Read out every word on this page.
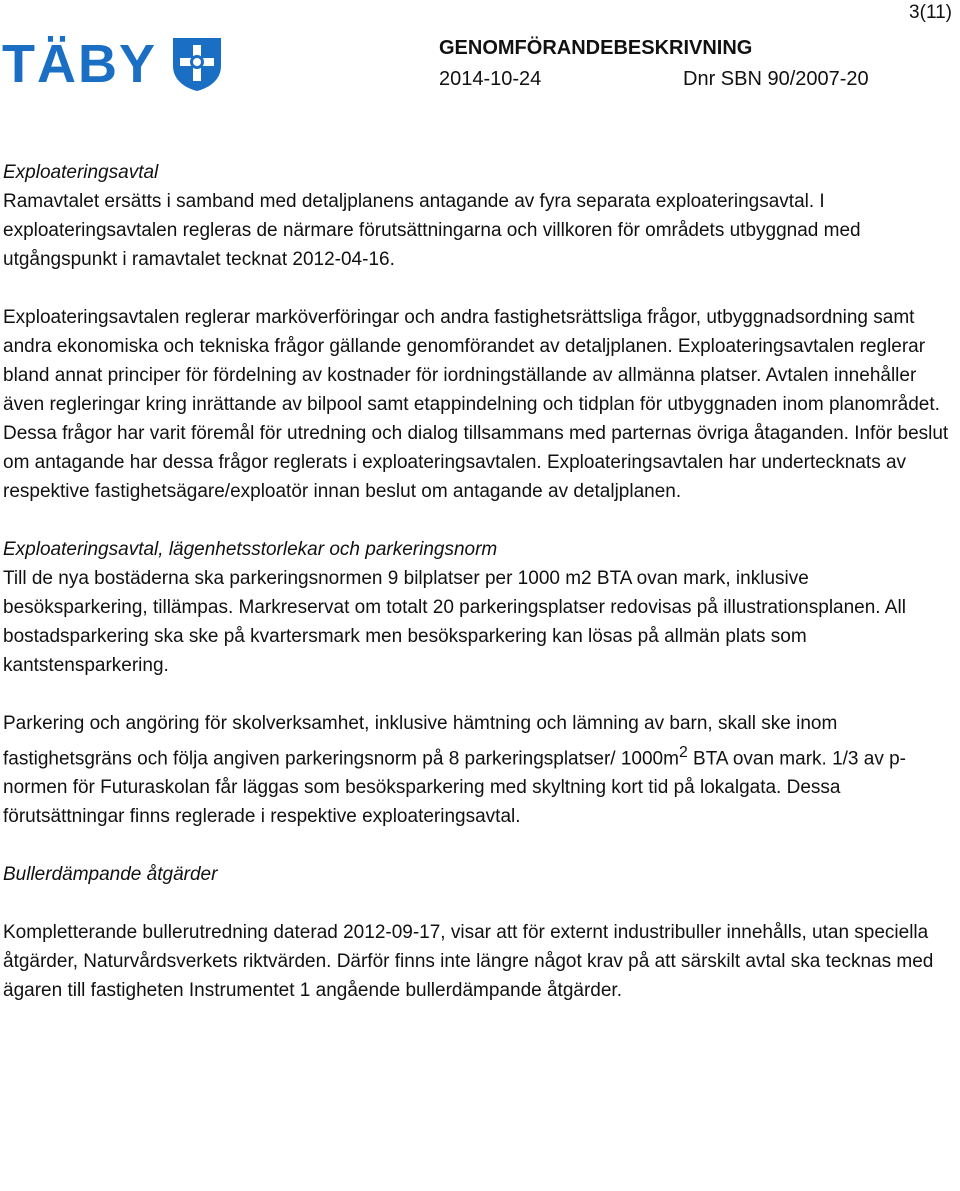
3(11)
TÄBY	GENOMFÖRANDEBESKRIVNING
2014-10-24	Dnr SBN 90/2007-20

Exploateringsavtal

Ramavtalet ersätts i samband med detaljplanens antagande av fyra separata exploateringsavtal. I exploateringsavtalen regleras de närmare förutsättningarna och villkoren för områdets utbyggnad med utgångspunkt i ramavtalet tecknat 2012-04-16.

Exploateringsavtalen reglerar marköverföringar och andra fastighetsrättsliga frågor, utbyggnadsordning samt andra ekonomiska och tekniska frågor gällande genomförandet av detaljplanen. Exploateringsavtalen reglerar bland annat principer för fördelning av kostnader för iordningställande av allmänna platser. Avtalen innehåller även regleringar kring inrättande av bilpool samt etappindelning och tidplan för utbyggnaden inom planområdet. Dessa frågor har varit föremål för utredning och dialog tillsammans med parternas övriga åtaganden. Inför beslut om antagande har dessa frågor reglerats i exploateringsavtalen. Exploateringsavtalen har undertecknats av respektive fastighetsägare/exploatör innan beslut om antagande av detaljplanen.

Exploateringsavtal, lägenhetsstorlekar och parkeringsnorm

Till de nya bostäderna ska parkeringsnormen 9 bilplatser per 1000 m2 BTA ovan mark, inklusive besöksparkering, tillämpas. Markreservat om totalt 20 parkeringsplatser redovisas på illustrationsplanen. All bostadsparkering ska ske på kvartersmark men besöksparkering kan lösas på allmän plats som kantstensparkering.

Parkering och angöring för skolverksamhet, inklusive hämtning och lämning av barn, skall ske inom fastighetsgräns och följa angiven parkeringsnorm på 8 parkeringsplatser/ $1000m^2$ BTA ovan mark. 1/3 av p-normen för Futuraskolan får läggas som besöksparkering med skyltning kort tid på lokalgata. Dessa förutsättningar finns reglerade i respektive exploateringsavtal.

Bullerdämpande åtgärder

Kompletterande bullerutredning daterad 2012-09-17, visar att för externt industribuller innehålls, utan speciella åtgärder, Naturvårdsverkets riktvärden. Därför finns inte längre något krav på att särskilt avtal ska tecknas med ägaren till fastigheten Instrumentet 1 angående bullerdämpande åtgärder.
